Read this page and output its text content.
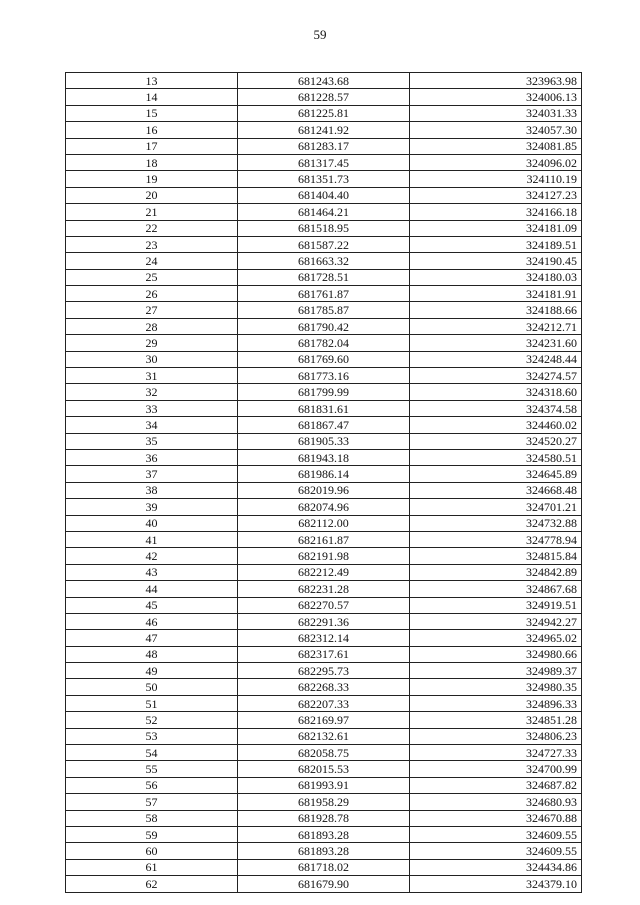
59
13	681243.68	323963.98
14	681228.57	324006.13
15	681225.81	324031.33
16	681241.92	324057.30
17	681283.17	324081.85
18	681317.45	324096.02
19	681351.73	324110.19
20	681404.40	324127.23
21	681464.21	324166.18
22	681518.95	324181.09
23	681587.22	324189.51
24	681663.32	324190.45
25	681728.51	324180.03
26	681761.87	324181.91
27	681785.87	324188.66
28	681790.42	324212.71
29	681782.04	324231.60
30	681769.60	324248.44
31	681773.16	324274.57
32	681799.99	324318.60
33	681831.61	324374.58
34	681867.47	324460.02
35	681905.33	324520.27
36	681943.18	324580.51
37	681986.14	324645.89
38	682019.96	324668.48
39	682074.96	324701.21
40	682112.00	324732.88
41	682161.87	324778.94
42	682191.98	324815.84
43	682212.49	324842.89
44	682231.28	324867.68
45	682270.57	324919.51
46	682291.36	324942.27
47	682312.14	324965.02
48	682317.61	324980.66
49	682295.73	324989.37
50	682268.33	324980.35
51	682207.33	324896.33
52	682169.97	324851.28
53	682132.61	324806.23
54	682058.75	324727.33
55	682015.53	324700.99
56	681993.91	324687.82
57	681958.29	324680.93
58	681928.78	324670.88
59	681893.28	324609.55
60	681893.28	324609.55
61	681718.02	324434.86
62	681679.90	324379.10
